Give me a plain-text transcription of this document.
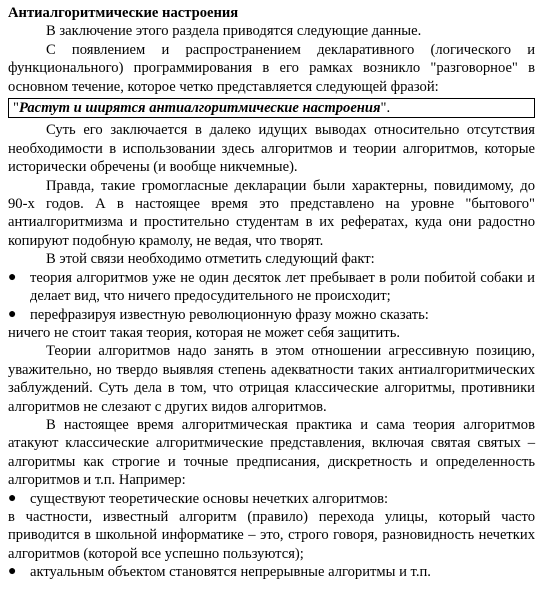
Антиалгоритмические настроения

В заключение этого раздела приводятся следующие данные.

С появлением и распространением декларативного (логического и функционального) программирования в его рамках возникло "разговорное" в основном течение, которое четко представляется следующей фразой:

"Растут и ширятся антиалгоритмические настроения".

Суть его заключается в далеко идущих выводах относительно отсутствия необходимости в использовании здесь алгоритмов и теории алгоритмов, которые исторически обречены (и вообще никчемные).

Правда, такие громогласные декларации были характерны, повидимому, до 90-х годов. А в настоящее время это представлено на уровне "бытового" антиалгоритмизма и простительно студентам в их рефератах, куда они радостно копируют подобную крамолу, не ведая, что творят.

В этой связи необходимо отметить следующий факт:

● теория алгоритмов уже не один десяток лет пребывает в роли побитой собаки и делает вид, что ничего предосудительного не происходит;

● перефразируя известную революционную фразу можно сказать:

ничего не стоит такая теория, которая не может себя защитить.

Теории алгоритмов надо занять в этом отношении агрессивную позицию, уважительно, но твердо выявляя степень адекватности таких антиалгоритмических заблуждений. Суть дела в том, что отрицая классические алгоритмы, противники алгоритмов не слезают с других видов алгоритмов.

В настоящее время алгоритмическая практика и сама теория алгоритмов атакуют классические алгоритмические представления, включая святая святых – алгоритмы как строгие и точные предписания, дискретность и определенность алгоритмов и т.п. Например:

● существуют теоретические основы нечетких алгоритмов:

в частности, известный алгоритм (правило) перехода улицы, который часто приводится в школьной информатике – это, строго говоря, разновидность нечетких алгоритмов (которой все успешно пользуются);

● актуальным объектом становятся непрерывные алгоритмы и т.п.
